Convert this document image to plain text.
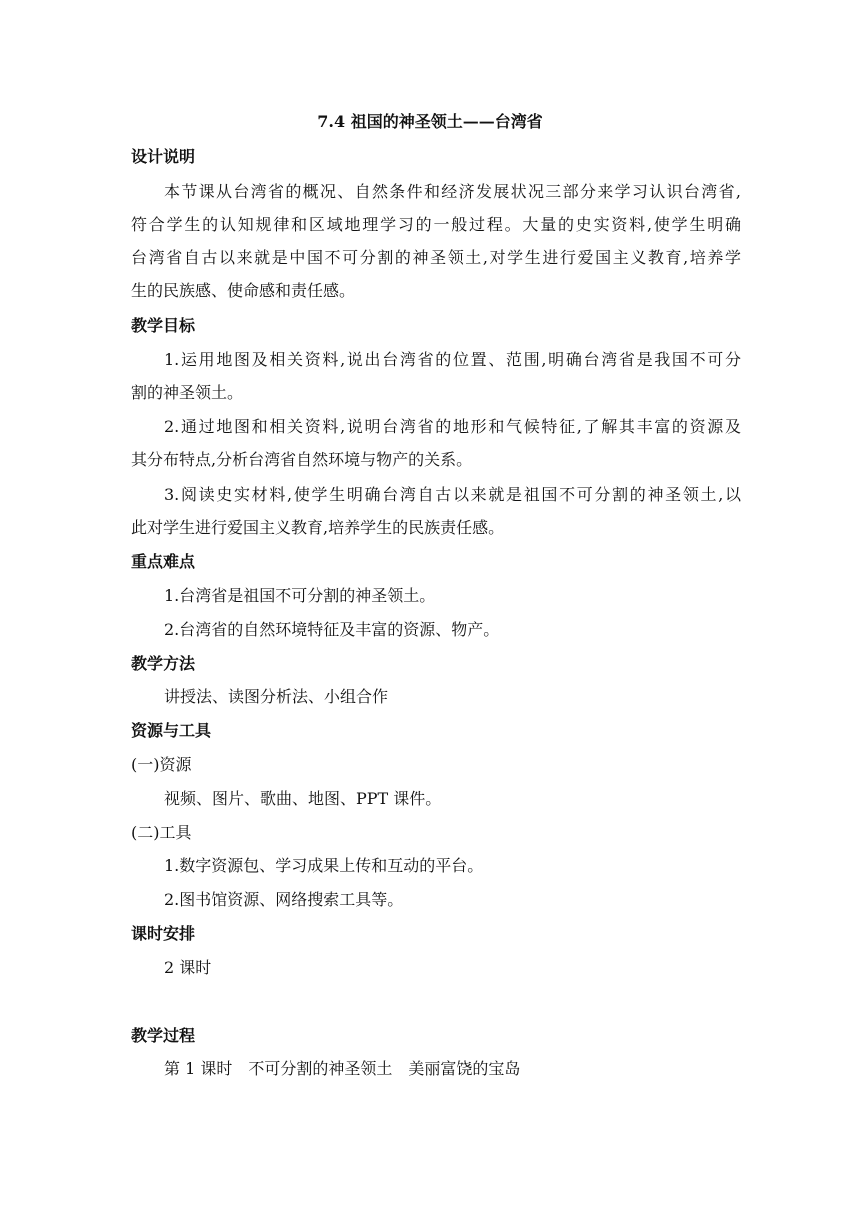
7.4 祖国的神圣领土——台湾省
设计说明
本节课从台湾省的概况、自然条件和经济发展状况三部分来学习认识台湾省,
符合学生的认知规律和区域地理学习的一般过程。大量的史实资料,使学生明确
台湾省自古以来就是中国不可分割的神圣领土,对学生进行爱国主义教育,培养学
生的民族感、使命感和责任感。
教学目标
1.运用地图及相关资料,说出台湾省的位置、范围,明确台湾省是我国不可分
割的神圣领土。
2.通过地图和相关资料,说明台湾省的地形和气候特征,了解其丰富的资源及
其分布特点,分析台湾省自然环境与物产的关系。
3.阅读史实材料,使学生明确台湾自古以来就是祖国不可分割的神圣领土,以
此对学生进行爱国主义教育,培养学生的民族责任感。
重点难点
1.台湾省是祖国不可分割的神圣领土。
2.台湾省的自然环境特征及丰富的资源、物产。
教学方法
讲授法、读图分析法、小组合作
资源与工具
(一)资源
视频、图片、歌曲、地图、PPT 课件。
(二)工具
1.数字资源包、学习成果上传和互动的平台。
2.图书馆资源、网络搜索工具等。
课时安排
2 课时
教学过程
第 1 课时　不可分割的神圣领土　美丽富饶的宝岛
